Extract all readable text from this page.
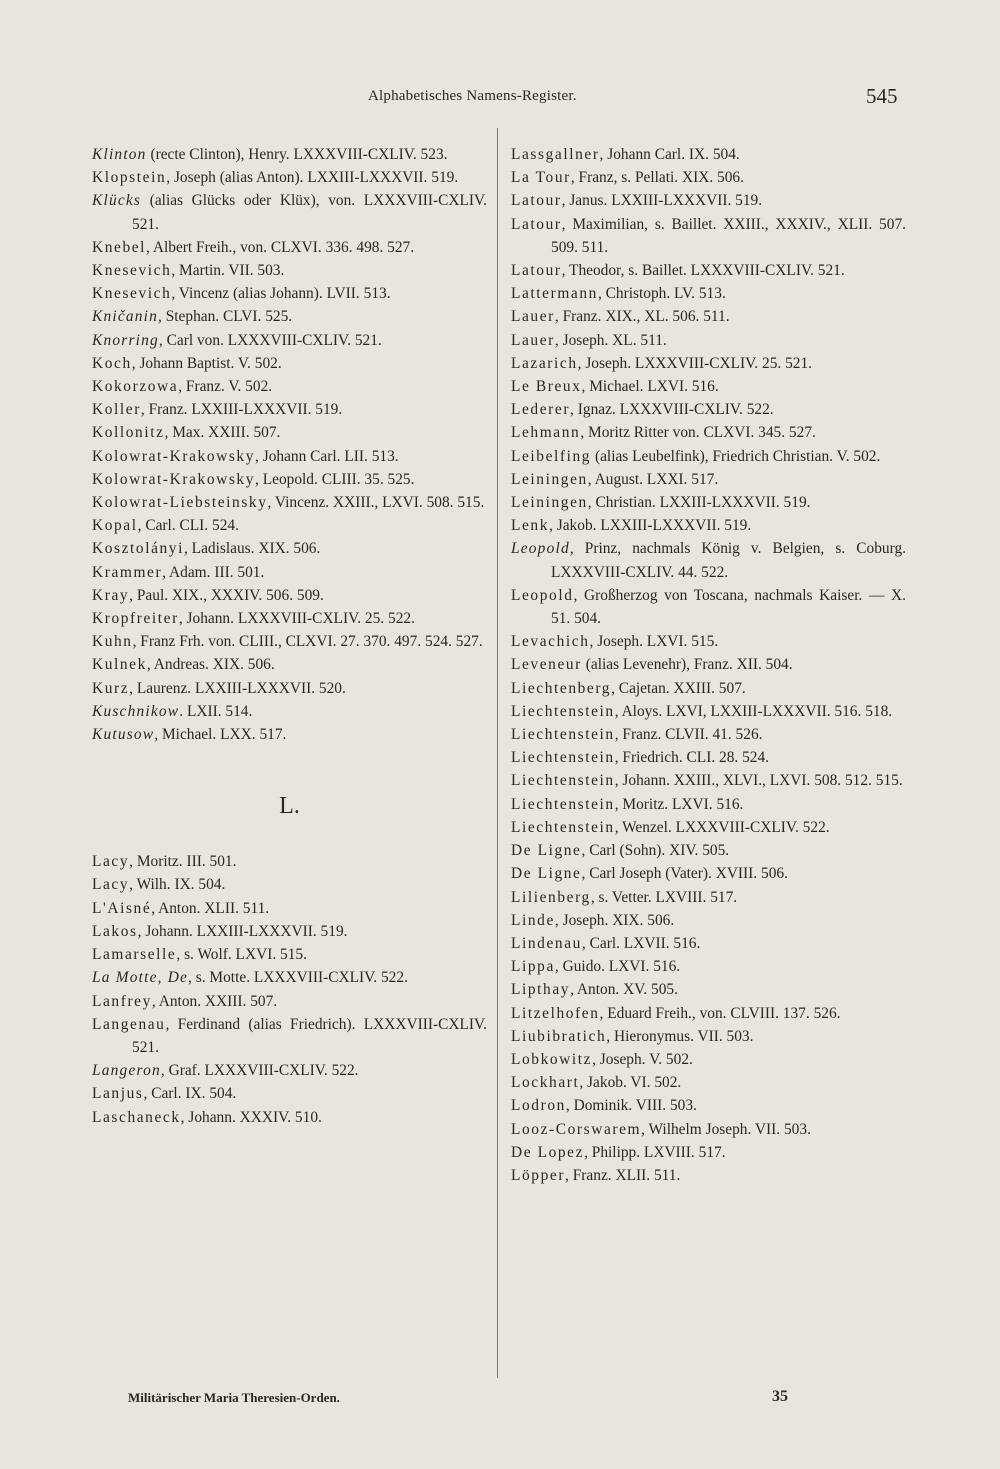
Alphabetisches Namens-Register.	545

Klinton (recte Clinton), Henry. LXXXVIII-CXLIV. 523.

Klopstein, Joseph (alias Anton). LXXIII-LXXXVII. 519.

Klücks (alias Glücks oder Klüx), von. LXXXVIII-CXLIV. 521.

Knebel, Albert Freih., von. CLXVI. 336. 498. 527.

Knesevich, Martin. VII. 503.

Knesevich, Vincenz (alias Johann). LVII. 513.

Kničanin, Stephan. CLVI. 525.

Knorring, Carl von. LXXXVIII-CXLIV. 521.

Koch, Johann Baptist. V. 502.

Kokorzowa, Franz. V. 502.

Koller, Franz. LXXIII-LXXXVII. 519.

Kollonitz, Max. XXIII. 507.

Kolowrat-Krakowsky, Johann Carl. LII. 513.

Kolowrat-Krakowsky, Leopold. CLIII. 35. 525.

Kolowrat-Liebsteinsky, Vincenz. XXIII., LXVI. 508. 515.

Kopal, Carl. CLI. 524.

Kosztolányi, Ladislaus. XIX. 506.

Krammer, Adam. III. 501.

Kray, Paul. XIX., XXXIV. 506. 509.

Kropfreiter, Johann. LXXXVIII-CXLIV. 25. 522.

Kuhn, Franz Frh. von. CLIII., CLXVI. 27. 370. 497. 524. 527.

Kulnek, Andreas. XIX. 506.

Kurz, Laurenz. LXXIII-LXXXVII. 520.

Kuschnikow. LXII. 514.

Kutusow, Michael. LXX. 517.

L.

Lacy, Moritz. III. 501.

Lacy, Wilh. IX. 504.

L'Aisné, Anton. XLII. 511.

Lakos, Johann. LXXIII-LXXXVII. 519.

Lamarselle, s. Wolf. LXVI. 515.

La Motte, De, s. Motte. LXXXVIII-CXLIV. 522.

Lanfrey, Anton. XXIII. 507.

Langenau, Ferdinand (alias Friedrich). LXXXVIII-CXLIV. 521.

Langeron, Graf. LXXXVIII-CXLIV. 522.

Lanjus, Carl. IX. 504.

Laschaneck, Johann. XXXIV. 510.

Lassgallner, Johann Carl. IX. 504.

La Tour, Franz, s. Pellati. XIX. 506.

Latour, Janus. LXXIII-LXXXVII. 519.

Latour, Maximilian, s. Baillet. XXIII., XXXIV., XLII. 507. 509. 511.

Latour, Theodor, s. Baillet. LXXXVIII-CXLIV. 521.

Lattermann, Christoph. LV. 513.

Lauer, Franz. XIX., XL. 506. 511.

Lauer, Joseph. XL. 511.

Lazarich, Joseph. LXXXVIII-CXLIV. 25. 521.

Le Breux, Michael. LXVI. 516.

Lederer, Ignaz. LXXXVIII-CXLIV. 522.

Lehmann, Moritz Ritter von. CLXVI. 345. 527.

Leibelfing (alias Leubelfink), Friedrich Christian. V. 502.

Leiningen, August. LXXI. 517.

Leiningen, Christian. LXXIII-LXXXVII. 519.

Lenk, Jakob. LXXIII-LXXXVII. 519.

Leopold, Prinz, nachmals König v. Belgien, s. Coburg. LXXXVIII-CXLIV. 44. 522.

Leopold, Großherzog von Toscana, nachmals Kaiser. — X. 51. 504.

Levachich, Joseph. LXVI. 515.

Leveneur (alias Levenehr), Franz. XII. 504.

Liechtenberg, Cajetan. XXIII. 507.

Liechtenstein, Aloys. LXVI, LXXIII-LXXXVII. 516. 518.

Liechtenstein, Franz. CLVII. 41. 526.

Liechtenstein, Friedrich. CLI. 28. 524.

Liechtenstein, Johann. XXIII., XLVI., LXVI. 508. 512. 515.

Liechtenstein, Moritz. LXVI. 516.

Liechtenstein, Wenzel. LXXXVIII-CXLIV. 522.

De Ligne, Carl (Sohn). XIV. 505.

De Ligne, Carl Joseph (Vater). XVIII. 506.

Lilienberg, s. Vetter. LXVIII. 517.

Linde, Joseph. XIX. 506.

Lindenau, Carl. LXVII. 516.

Lippa, Guido. LXVI. 516.

Lipthay, Anton. XV. 505.

Litzelhofen, Eduard Freih., von. CLVIII. 137. 526.

Liubibratich, Hieronymus. VII. 503.

Lobkowitz, Joseph. V. 502.

Lockhart, Jakob. VI. 502.

Lodron, Dominik. VIII. 503.

Looz-Corswarem, Wilhelm Joseph. VII. 503.

De Lopez, Philipp. LXVIII. 517.

Löpper, Franz. XLII. 511.

Militärischer Maria Theresien-Orden.	35
